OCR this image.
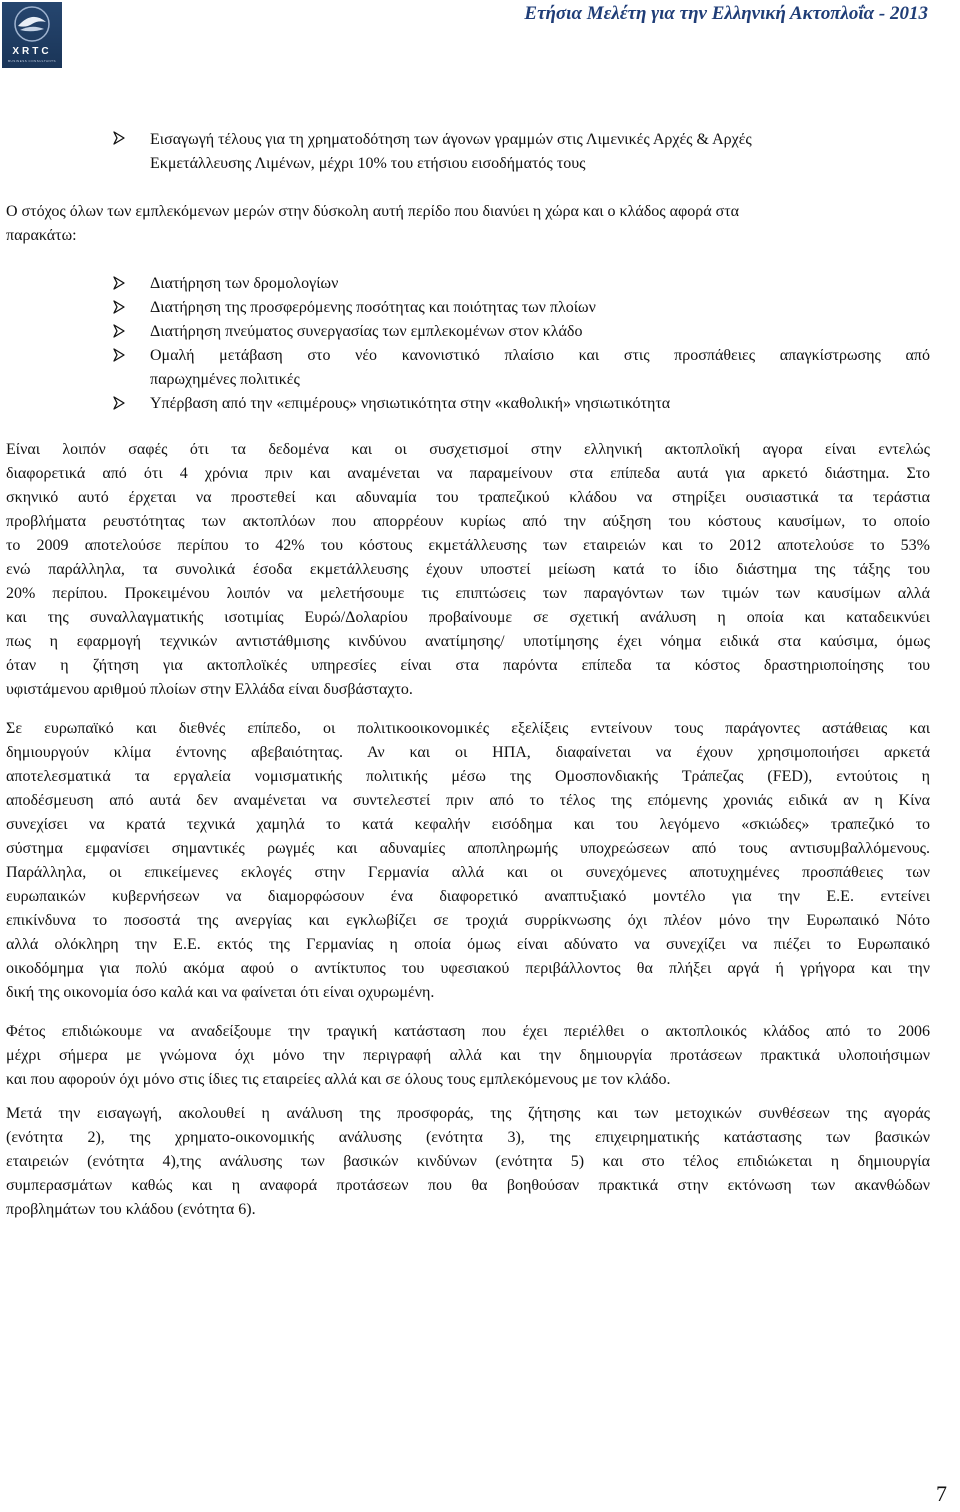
XRTC
BUSINESS CONSULTANTS
Ετήσια Μελέτη για την Ελληνική Ακτοπλοΐα - 2013
Εισαγωγή τέλους για τη χρηματοδότηση των άγονων γραμμών στις Λιμενικές Αρχές & Αρχές
Εκμετάλλευσης Λιμένων, μέχρι 10% του ετήσιου εισοδήματός τους
Ο στόχος όλων των εμπλεκόμενων μερών στην δύσκολη αυτή περίδο που διανύει η χώρα και ο κλάδος αφορά στα
παρακάτω:
Διατήρηση των δρομολογίων
Διατήρηση της προσφερόμενης ποσότητας και ποιότητας των πλοίων
Διατήρηση πνεύματος συνεργασίας των εμπλεκομένων στον κλάδο
Ομαλή μετάβαση στο νέο κανονιστικό πλαίσιο και στις προσπάθειες απαγκίστρωσης από
παρωχημένες πολιτικές
Υπέρβαση από την «επιμέρους» νησιωτικότητα στην «καθολική» νησιωτικότητα
Είναι λοιπόν σαφές ότι τα δεδομένα και οι συσχετισμοί στην ελληνική ακτοπλοϊκή αγορα είναι εντελώς
διαφορετικά από ότι 4 χρόνια πριν και αναμένεται να παραμείνουν στα επίπεδα αυτά για αρκετό διάστημα. Στο
σκηνικό αυτό έρχεται να προστεθεί και αδυναμία του τραπεζικού κλάδου να στηρίξει ουσιαστικά τα τεράστια
προβλήματα ρευστότητας των ακτοπλόων που απορρέουν κυρίως από την αύξηση του κόστους καυσίμων, το οποίο
το 2009 αποτελούσε περίπου το 42% του κόστους εκμετάλλευσης των εταιρειών και το 2012 αποτελούσε το 53%
ενώ παράλληλα, τα συνολικά έσοδα εκμετάλλευσης έχουν υποστεί μείωση κατά το ίδιο διάστημα της τάξης του
20% περίπου. Προκειμένου λοιπόν να μελετήσουμε τις επιπτώσεις των παραγόντων των τιμών των καυσίμων αλλά
και της συναλλαγματικής ισοτιμίας Ευρώ/Δολαρίου προβαίνουμε σε σχετική ανάλυση η οποία και καταδεικνύει
πως η εφαρμογή τεχνικών αντιστάθμισης κινδύνου ανατίμησης/ υποτίμησης έχει νόημα ειδικά στα καύσιμα, όμως
όταν η ζήτηση για ακτοπλοϊκές υπηρεσίες είναι στα παρόντα επίπεδα τα κόστος δραστηριοποίησης του
υφιστάμενου αριθμού πλοίων στην Ελλάδα είναι δυσβάσταχτο.
Σε ευρωπαϊκό και διεθνές επίπεδο, οι πολιτικοοικονομικές εξελίξεις εντείνουν τους παράγοντες αστάθειας και
δημιουργούν κλίμα έντονης αβεβαιότητας. Αν και οι ΗΠΑ, διαφαίνεται να έχουν χρησιμοποιήσει αρκετά
αποτελεσματικά τα εργαλεία νομισματικής πολιτικής μέσω της Ομοσπονδιακής Τράπεζας (FED), εντούτοις η
αποδέσμευση από αυτά δεν αναμένεται να συντελεστεί πριν από το τέλος της επόμενης χρονιάς ειδικά αν η Κίνα
συνεχίσει να κρατά τεχνικά χαμηλά το κατά κεφαλήν εισόδημα και του λεγόμενο «σκιώδες» τραπεζικό το
σύστημα εμφανίσει σημαντικές ρωγμές και αδυναμίες αποπληρωμής υποχρεώσεων από τους αντισυμβαλλόμενους.
Παράλληλα, οι επικείμενες εκλογές στην Γερμανία αλλά και οι συνεχόμενες αποτυχημένες προσπάθειες των
ευρωπαικών κυβερνήσεων να διαμορφώσουν ένα διαφορετικό αναπτυξιακό μοντέλο για την Ε.Ε. εντείνει
επικίνδυνα το ποσοστά της ανεργίας και εγκλωβίζει σε τροχιά συρρίκνωσης όχι πλέον μόνο την Ευρωπαικό Νότο
αλλά ολόκληρη την Ε.Ε. εκτός της Γερμανίας η οποία όμως είναι αδύνατο να συνεχίζει να πιέζει το Ευρωπαικό
οικοδόμημα για πολύ ακόμα αφού ο αντίκτυπος του υφεσιακού περιβάλλοντος θα πλήξει αργά ή γρήγορα και την
δική της οικονομία όσο καλά και να φαίνεται ότι είναι οχυρωμένη.
Φέτος επιδιώκουμε να αναδείξουμε την τραγική κατάσταση που έχει περιέλθει ο ακτοπλοικός κλάδος από το 2006
μέχρι σήμερα με γνώμονα όχι μόνο την περιγραφή αλλά και την δημιουργία προτάσεων πρακτικά υλοποιήσιμων
και που αφορούν όχι μόνο στις ίδιες τις εταιρείες αλλά και σε όλους τους εμπλεκόμενους με τον κλάδο.
Μετά την εισαγωγή, ακολουθεί η ανάλυση της προσφοράς, της ζήτησης και των μετοχικών συνθέσεων της αγοράς
(ενότητα 2), της χρηματο-οικονομικής ανάλυσης (ενότητα 3), της επιχειρηματικής κατάστασης των βασικών
εταιρειών (ενότητα 4),της ανάλυσης των βασικών κινδύνων (ενότητα 5) και στο τέλος επιδιώκεται η δημιουργία
συμπερασμάτων καθώς και η αναφορά προτάσεων που θα βοηθούσαν πρακτικά στην εκτόνωση των ακανθώδων
προβλημάτων του κλάδου (ενότητα 6).
7
